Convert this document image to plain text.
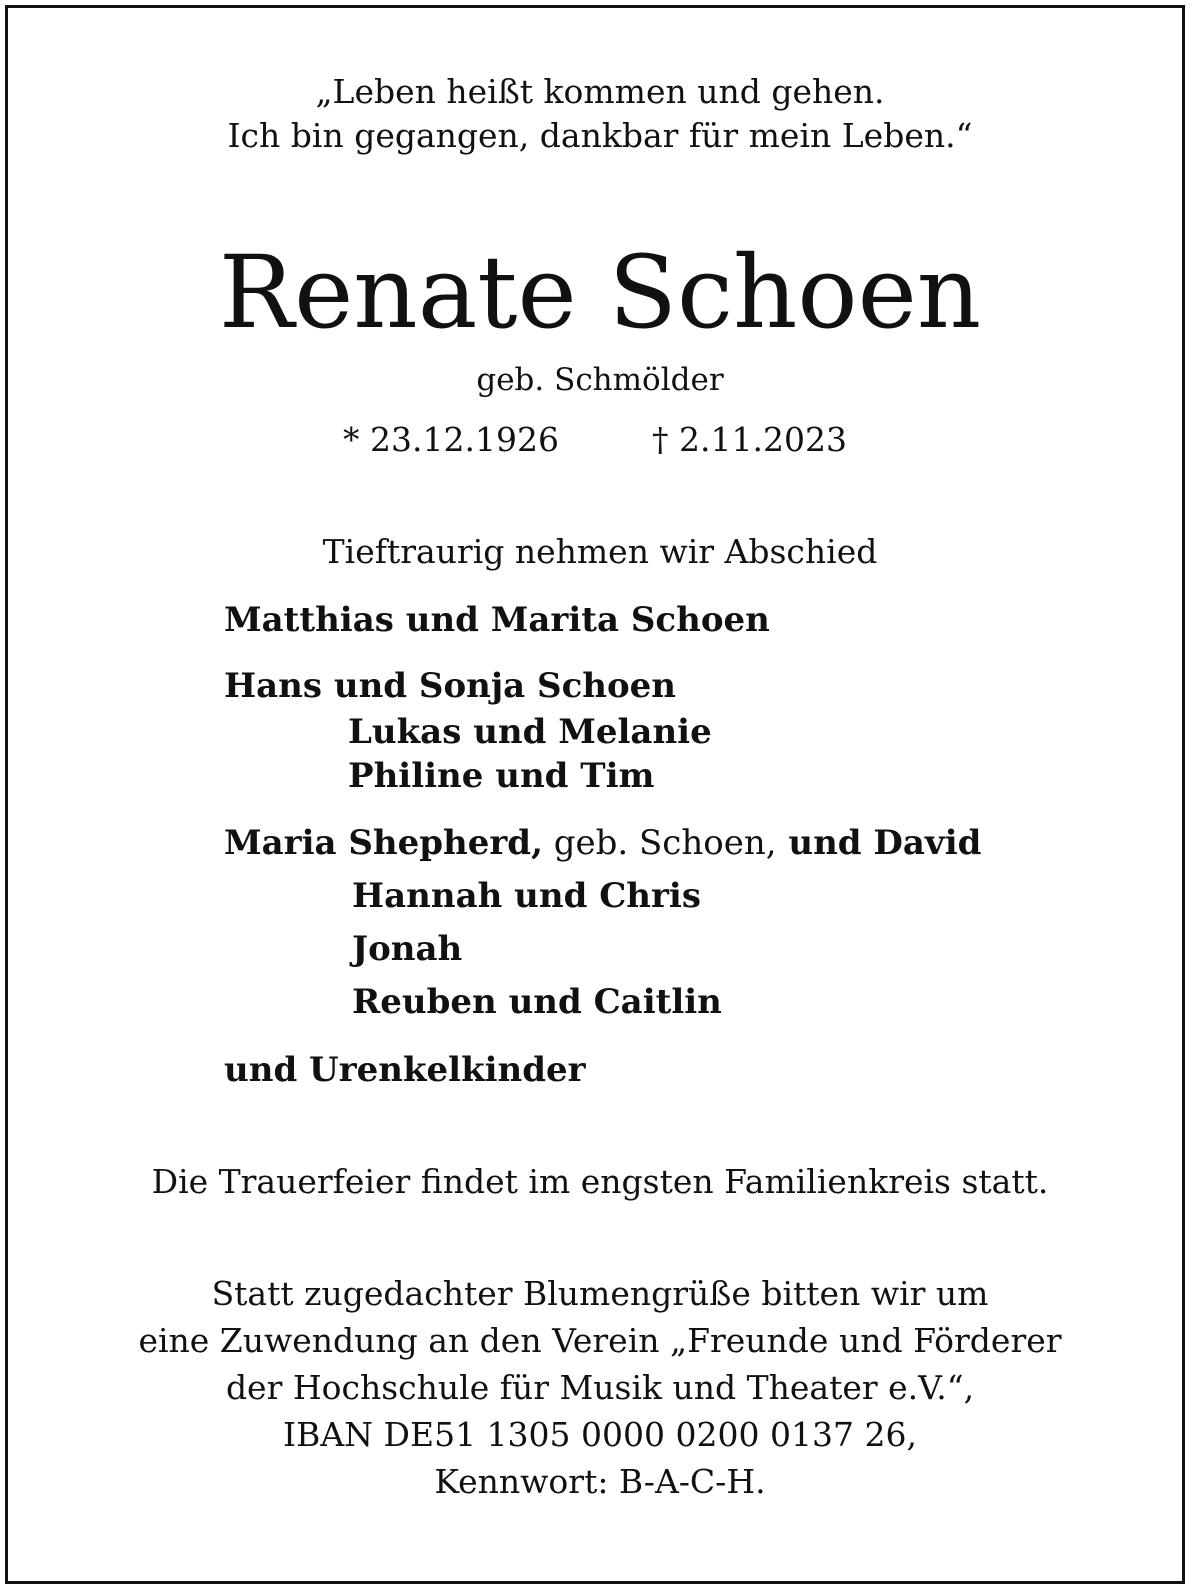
„Leben heißt kommen und gehen.
Ich bin gegangen, dankbar für mein Leben.“
Renate Schoen
geb. Schmölder
* 23.12.1926	† 2.11.2023
Tieftraurig nehmen wir Abschied
Matthias und Marita Schoen
Hans und Sonja Schoen
Lukas und Melanie
Philine und Tim
Maria Shepherd, geb. Schoen, und David
Hannah und Chris
Jonah
Reuben und Caitlin
und Urenkelkinder
Die Trauerfeier findet im engsten Familienkreis statt.
Statt zugedachter Blumengrüße bitten wir um
eine Zuwendung an den Verein „Freunde und Förderer
der Hochschule für Musik und Theater e.V.“,
IBAN DE51 1305 0000 0200 0137 26,
Kennwort: B-A-C-H.
